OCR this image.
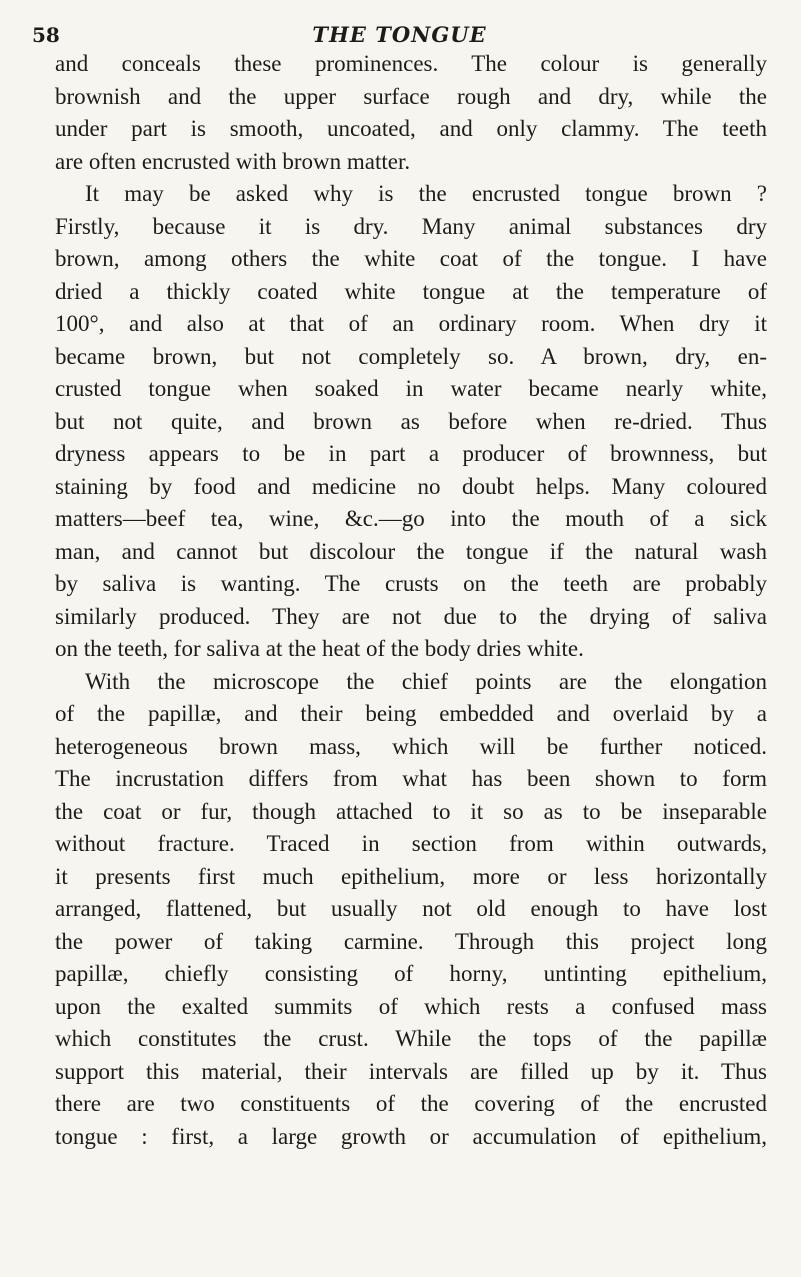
58	THE TONGUE
and conceals these prominences. The colour is generally
brownish and the upper surface rough and dry, while the
under part is smooth, uncoated, and only clammy. The teeth
are often encrusted with brown matter.
It may be asked why is the encrusted tongue brown ?
Firstly, because it is dry. Many animal substances dry
brown, among others the white coat of the tongue. I have
dried a thickly coated white tongue at the temperature of
100°, and also at that of an ordinary room. When dry it
became brown, but not completely so. A brown, dry, en-
crusted tongue when soaked in water became nearly white,
but not quite, and brown as before when re-dried. Thus
dryness appears to be in part a producer of brownness, but
staining by food and medicine no doubt helps. Many coloured
matters—beef tea, wine, &c.—go into the mouth of a sick
man, and cannot but discolour the tongue if the natural wash
by saliva is wanting. The crusts on the teeth are probably
similarly produced. They are not due to the drying of saliva
on the teeth, for saliva at the heat of the body dries white.
With the microscope the chief points are the elongation
of the papillæ, and their being embedded and overlaid by a
heterogeneous brown mass, which will be further noticed.
The incrustation differs from what has been shown to form
the coat or fur, though attached to it so as to be inseparable
without fracture. Traced in section from within outwards,
it presents first much epithelium, more or less horizontally
arranged, flattened, but usually not old enough to have lost
the power of taking carmine. Through this project long
papillæ, chiefly consisting of horny, untinting epithelium,
upon the exalted summits of which rests a confused mass
which constitutes the crust. While the tops of the papillæ
support this material, their intervals are filled up by it. Thus
there are two constituents of the covering of the encrusted
tongue : first, a large growth or accumulation of epithelium,
